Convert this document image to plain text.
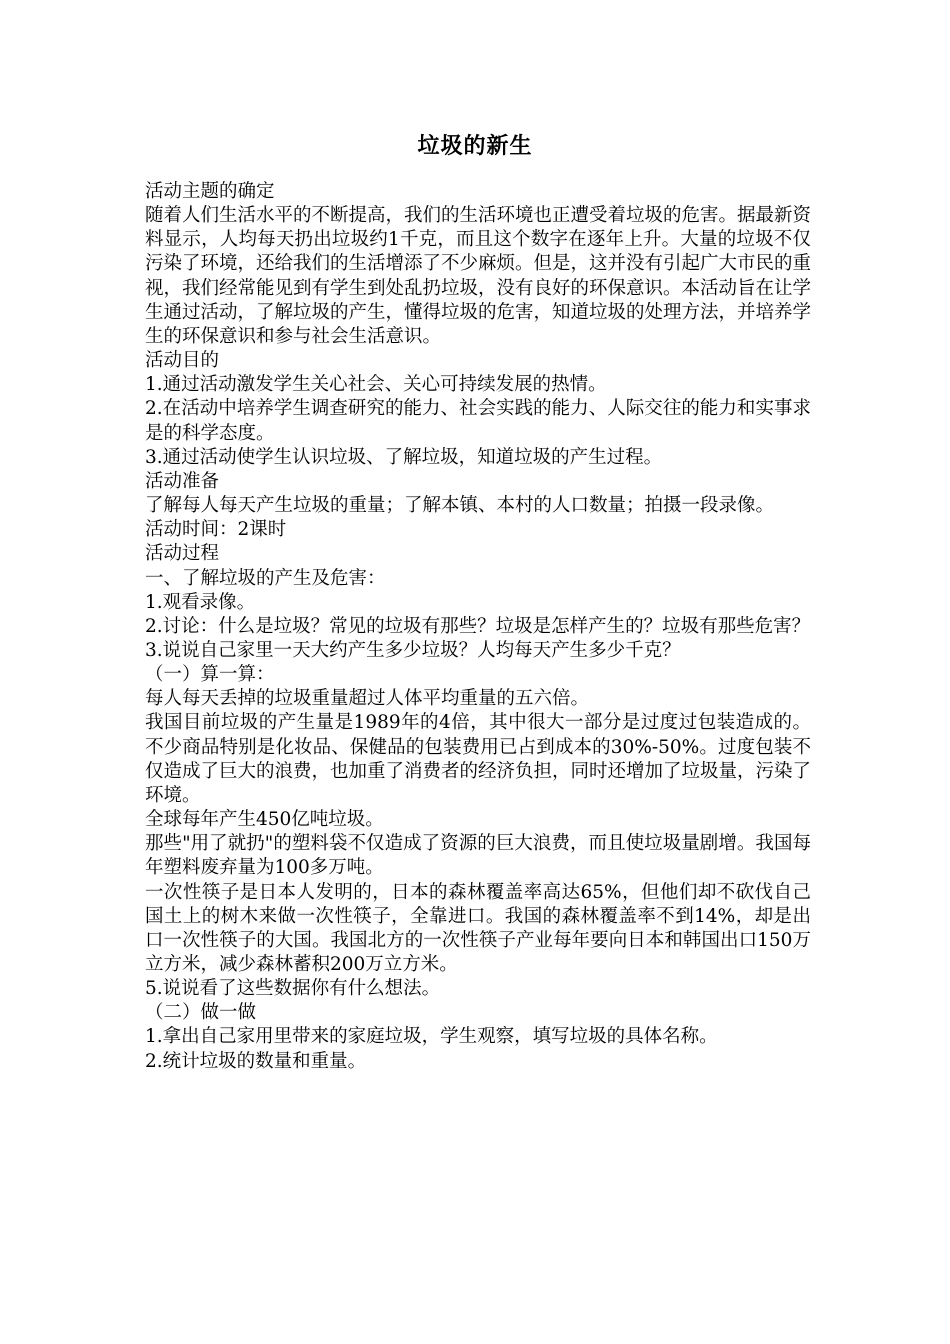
垃圾的新生

活动主题的确定

随着人们生活水平的不断提高，我们的生活环境也正遭受着垃圾的危害。据最新资料显示，人均每天扔出垃圾约1千克，而且这个数字在逐年上升。大量的垃圾不仅污染了环境，还给我们的生活增添了不少麻烦。但是，这并没有引起广大市民的重视，我们经常能见到有学生到处乱扔垃圾，没有良好的环保意识。本活动旨在让学生通过活动，了解垃圾的产生，懂得垃圾的危害，知道垃圾的处理方法，并培养学生的环保意识和参与社会生活意识。

活动目的

1.通过活动激发学生关心社会、关心可持续发展的热情。

2.在活动中培养学生调查研究的能力、社会实践的能力、人际交往的能力和实事求是的科学态度。

3.通过活动使学生认识垃圾、了解垃圾，知道垃圾的产生过程。

活动准备

了解每人每天产生垃圾的重量；了解本镇、本村的人口数量；拍摄一段录像。

活动时间：2课时

活动过程

一、了解垃圾的产生及危害：

1.观看录像。

2.讨论：什么是垃圾？常见的垃圾有那些？垃圾是怎样产生的？垃圾有那些危害？

3.说说自己家里一天大约产生多少垃圾？人均每天产生多少千克？

（一）算一算：

每人每天丢掉的垃圾重量超过人体平均重量的五六倍。

我国目前垃圾的产生量是1989年的4倍，其中很大一部分是过度过包装造成的。不少商品特别是化妆品、保健品的包装费用已占到成本的30%-50%。过度包装不仅造成了巨大的浪费，也加重了消费者的经济负担，同时还增加了垃圾量，污染了环境。

全球每年产生450亿吨垃圾。

那些"用了就扔"的塑料袋不仅造成了资源的巨大浪费，而且使垃圾量剧增。我国每年塑料废弃量为100多万吨。

一次性筷子是日本人发明的，日本的森林覆盖率高达65%，但他们却不砍伐自己国土上的树木来做一次性筷子，全靠进口。我国的森林覆盖率不到14%，却是出口一次性筷子的大国。我国北方的一次性筷子产业每年要向日本和韩国出口150万立方米，减少森林蓄积200万立方米。

5.说说看了这些数据你有什么想法。

（二）做一做

1.拿出自己家用里带来的家庭垃圾，学生观察，填写垃圾的具体名称。

2.统计垃圾的数量和重量。
